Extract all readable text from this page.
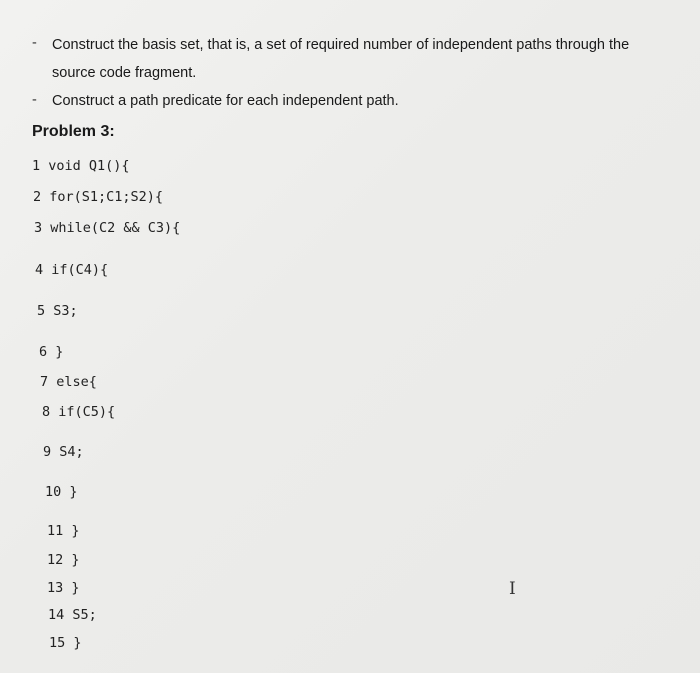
- Construct the basis set, that is, a set of required number of independent paths through the
source code fragment.
- Construct a path predicate for each independent path.
Problem 3:
1 void Q1(){
2 for(S1;C1;S2){
3 while(C2 && C3){
4 if(C4){
5 S3;
6 }
7 else{
8 if(C5){
9 S4;
10 }
11 }
12 }
13 }
14 S5;
15 }
I
